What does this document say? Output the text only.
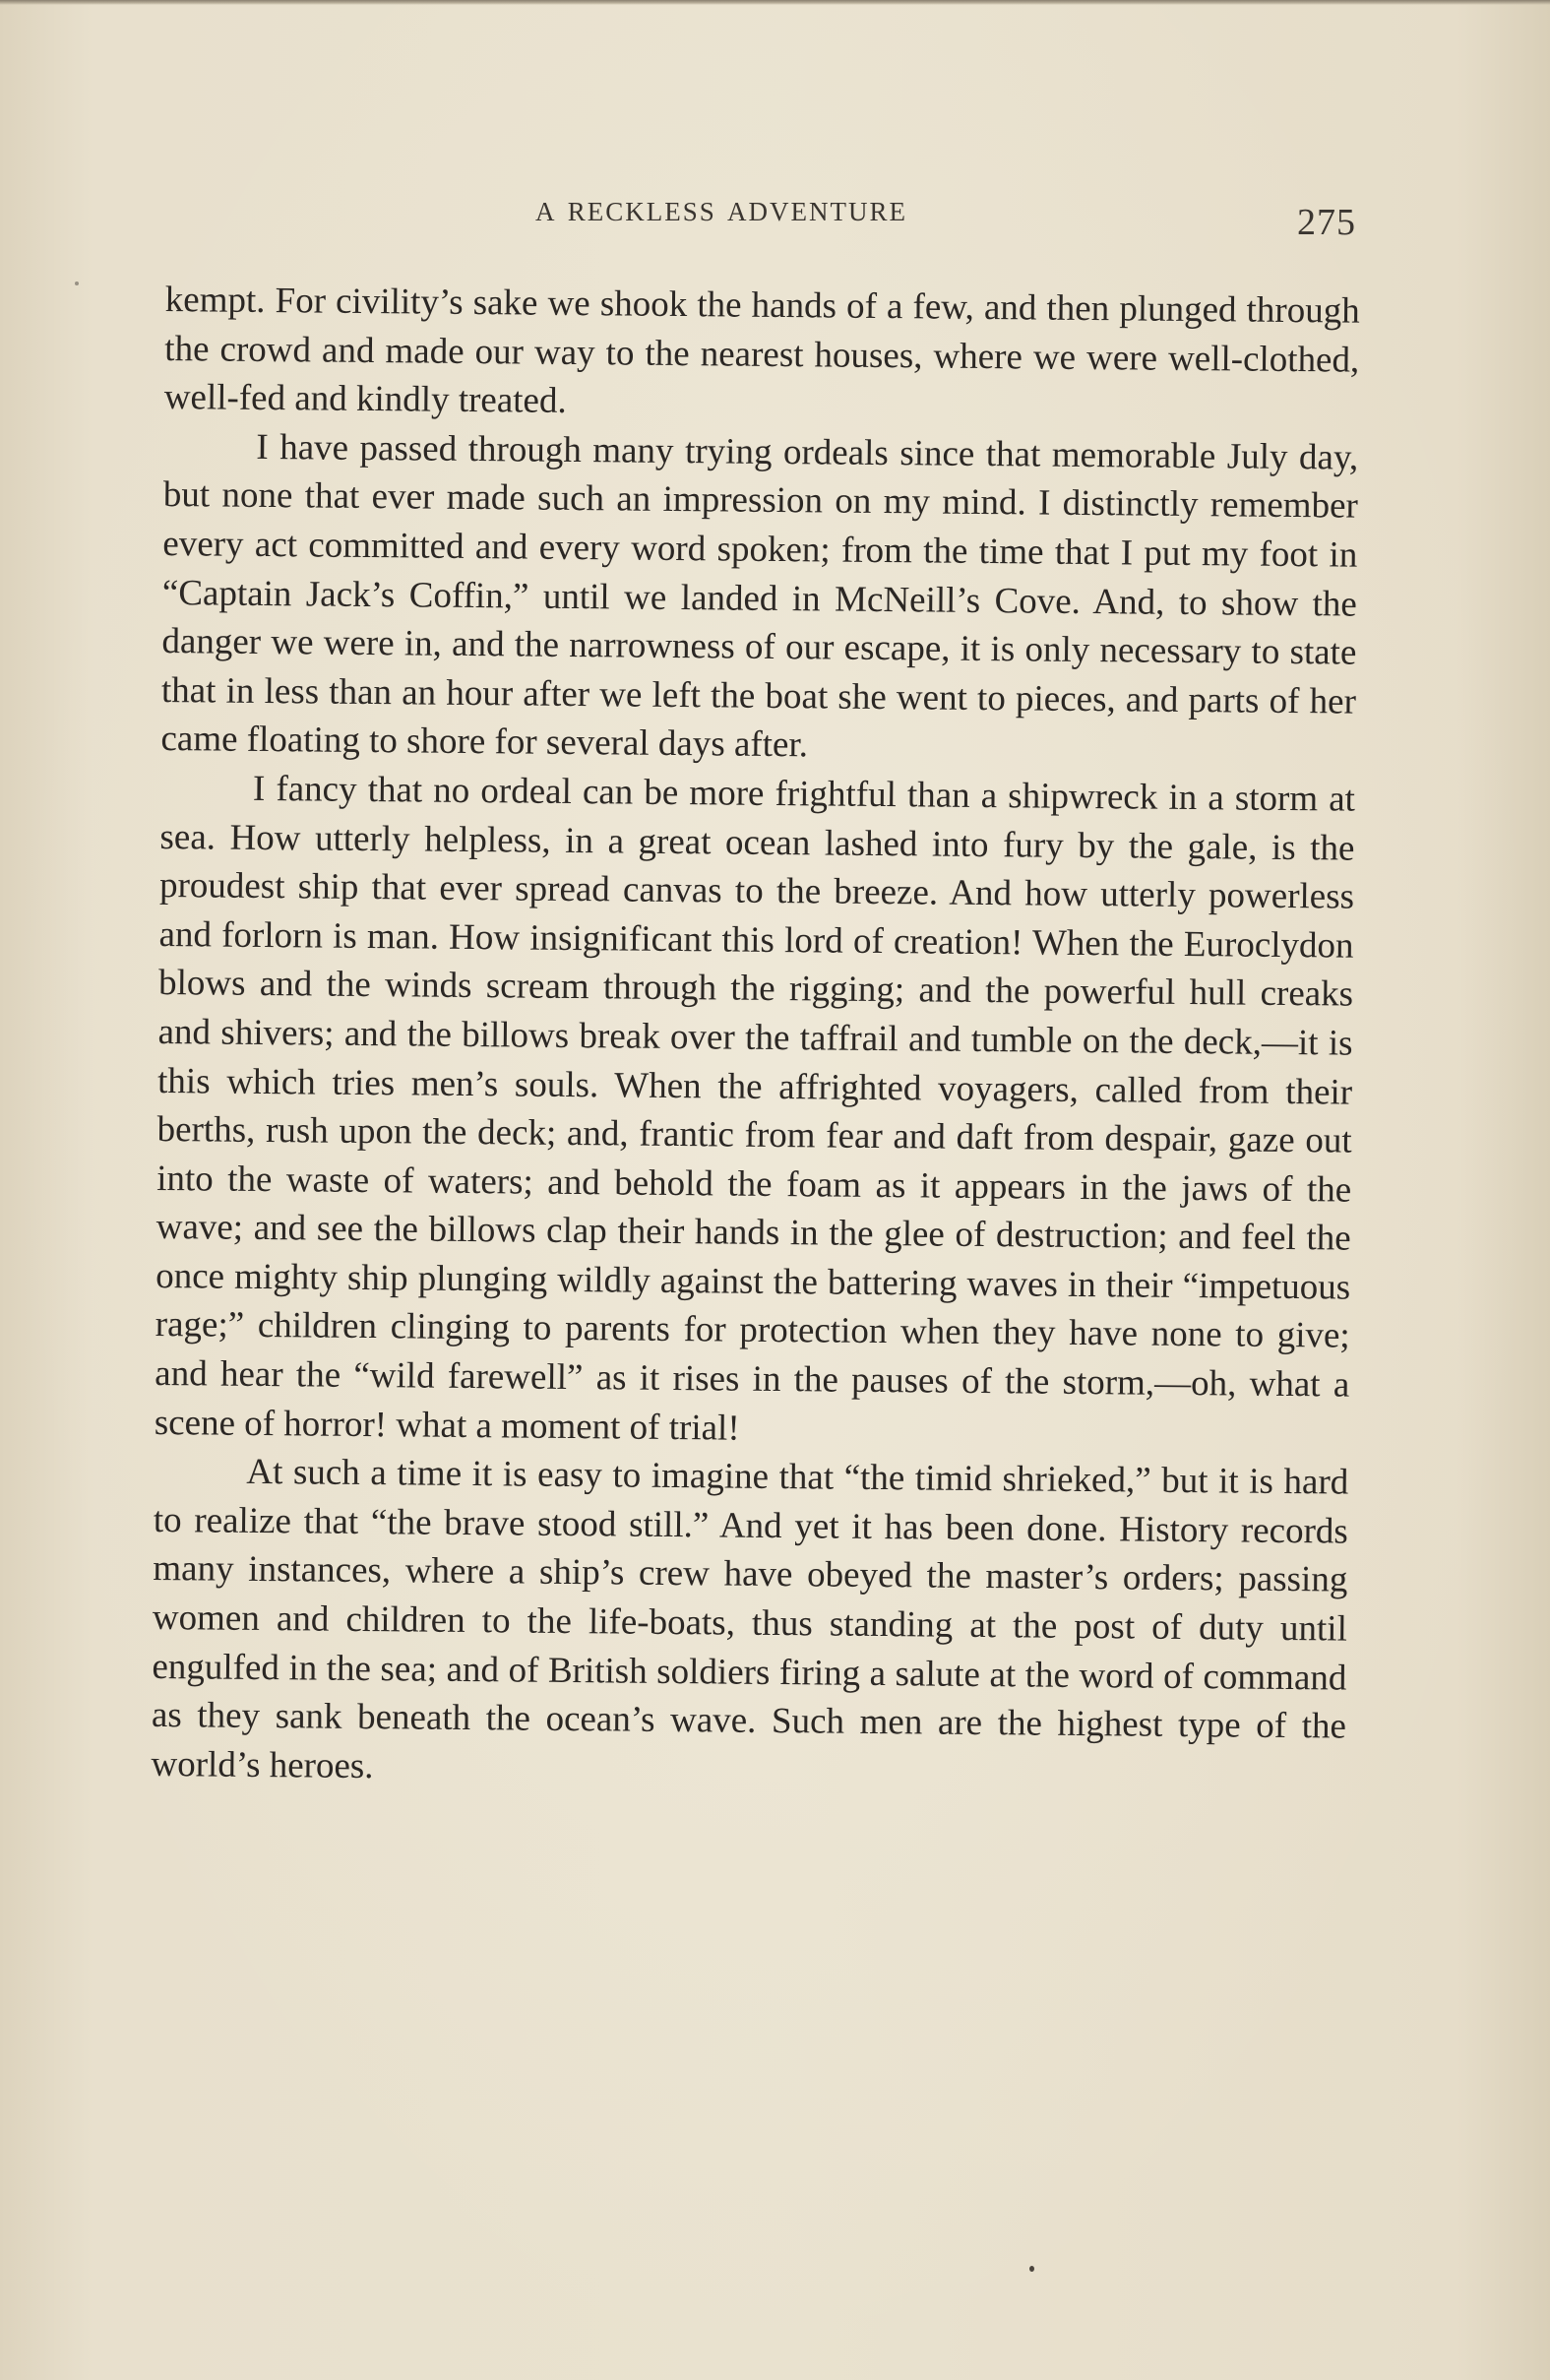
A RECKLESS ADVENTURE	275

kempt. For civility’s sake we shook the hands of a few, and then plunged through the crowd and made our way to the nearest houses, where we were well-clothed, well-fed and kindly treated.

I have passed through many trying ordeals since that memorable July day, but none that ever made such an impression on my mind. I distinctly remember every act committed and every word spoken; from the time that I put my foot in “Captain Jack’s Coffin,” until we landed in McNeill’s Cove. And, to show the danger we were in, and the narrowness of our escape, it is only necessary to state that in less than an hour after we left the boat she went to pieces, and parts of her came floating to shore for several days after.

I fancy that no ordeal can be more frightful than a shipwreck in a storm at sea. How utterly helpless, in a great ocean lashed into fury by the gale, is the proudest ship that ever spread canvas to the breeze. And how utterly powerless and forlorn is man. How insignificant this lord of creation! When the Euroclydon blows and the winds scream through the rigging; and the powerful hull creaks and shivers; and the billows break over the taffrail and tumble on the deck,—it is this which tries men’s souls. When the affrighted voyagers, called from their berths, rush upon the deck; and, frantic from fear and daft from despair, gaze out into the waste of waters; and behold the foam as it appears in the jaws of the wave; and see the billows clap their hands in the glee of destruction; and feel the once mighty ship plunging wildly against the battering waves in their “impetuous rage;” children clinging to parents for protection when they have none to give; and hear the “wild farewell” as it rises in the pauses of the storm,—oh, what a scene of horror! what a moment of trial!

At such a time it is easy to imagine that “the timid shrieked,” but it is hard to realize that “the brave stood still.” And yet it has been done. History records many instances, where a ship’s crew have obeyed the master’s orders; passing women and children to the life-boats, thus standing at the post of duty until engulfed in the sea; and of British soldiers firing a salute at the word of command as they sank beneath the ocean’s wave. Such men are the highest type of the world’s heroes.
